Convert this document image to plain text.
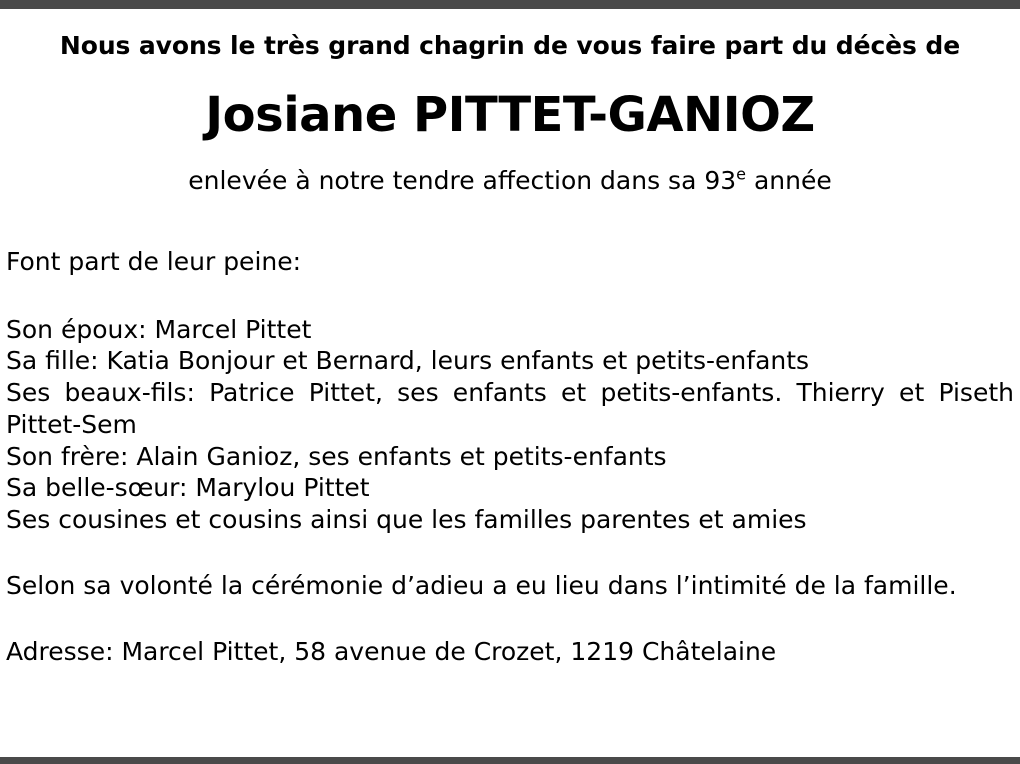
Nous avons le très grand chagrin de vous faire part du décès de
Josiane PITTET-GANIOZ
enlevée à notre tendre affection dans sa 93e année

Font part de leur peine:

Son époux: Marcel Pittet

Sa fille: Katia Bonjour et Bernard, leurs enfants et petits-enfants

Ses beaux-fils: Patrice Pittet, ses enfants et petits-enfants. Thierry et Piseth Pittet-Sem

Son frère: Alain Ganioz, ses enfants et petits-enfants

Sa belle-sœur: Marylou Pittet

Ses cousines et cousins ainsi que les familles parentes et amies

Selon sa volonté la cérémonie d’adieu a eu lieu dans l’intimité de la famille.

Adresse: Marcel Pittet, 58 avenue de Crozet, 1219 Châtelaine
